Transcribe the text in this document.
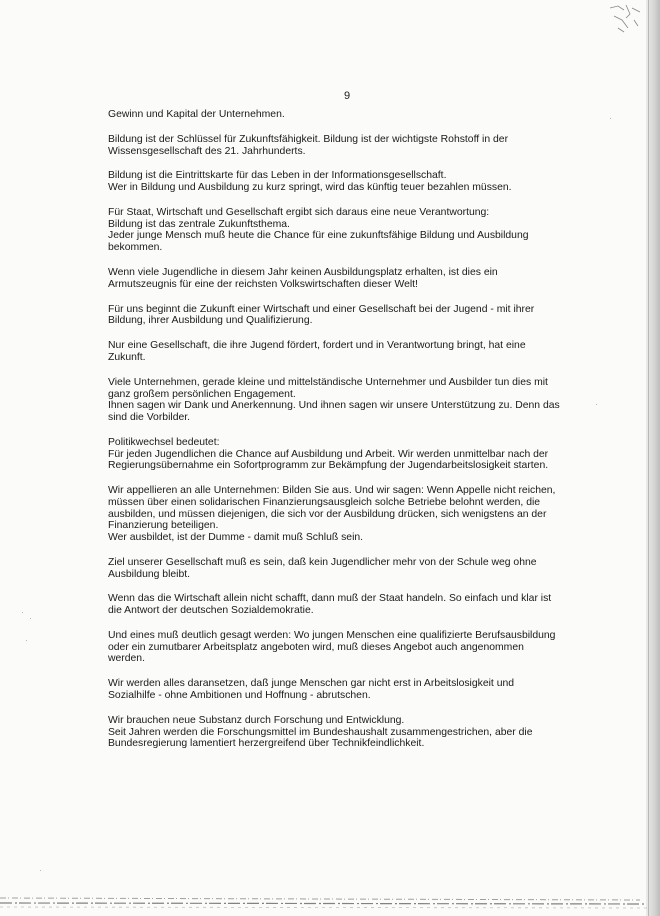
9

Gewinn und Kapital der Unternehmen.

Bildung ist der Schlüssel für Zukunftsfähigkeit. Bildung ist der wichtigste Rohstoff in der
Wissensgesellschaft des 21. Jahrhunderts.

Bildung ist die Eintrittskarte für das Leben in der Informationsgesellschaft.
Wer in Bildung und Ausbildung zu kurz springt, wird das künftig teuer bezahlen müssen.

Für Staat, Wirtschaft und Gesellschaft ergibt sich daraus eine neue Verantwortung:
Bildung ist das zentrale Zukunftsthema.
Jeder junge Mensch muß heute die Chance für eine zukunftsfähige Bildung und Ausbildung
bekommen.

Wenn viele Jugendliche in diesem Jahr keinen Ausbildungsplatz erhalten, ist dies ein
Armutszeugnis für eine der reichsten Volkswirtschaften dieser Welt!

Für uns beginnt die Zukunft einer Wirtschaft und einer Gesellschaft bei der Jugend - mit ihrer
Bildung, ihrer Ausbildung und Qualifizierung.

Nur eine Gesellschaft, die ihre Jugend fördert, fordert und in Verantwortung bringt, hat eine
Zukunft.

Viele Unternehmen, gerade kleine und mittelständische Unternehmer und Ausbilder tun dies mit
ganz großem persönlichen Engagement.
Ihnen sagen wir Dank und Anerkennung. Und ihnen sagen wir unsere Unterstützung zu. Denn das
sind die Vorbilder.

Politikwechsel bedeutet:
Für jeden Jugendlichen die Chance auf Ausbildung und Arbeit. Wir werden unmittelbar nach der
Regierungsübernahme ein Sofortprogramm zur Bekämpfung der Jugendarbeitslosigkeit starten.

Wir appellieren an alle Unternehmen: Bilden Sie aus. Und wir sagen: Wenn Appelle nicht reichen,
müssen über einen solidarischen Finanzierungsausgleich solche Betriebe belohnt werden, die
ausbilden, und müssen diejenigen, die sich vor der Ausbildung drücken, sich wenigstens an der
Finanzierung beteiligen.
Wer ausbildet, ist der Dumme - damit muß Schluß sein.

Ziel unserer Gesellschaft muß es sein, daß kein Jugendlicher mehr von der Schule weg ohne
Ausbildung bleibt.

Wenn das die Wirtschaft allein nicht schafft, dann muß der Staat handeln. So einfach und klar ist
die Antwort der deutschen Sozialdemokratie.

Und eines muß deutlich gesagt werden: Wo jungen Menschen eine qualifizierte Berufsausbildung
oder ein zumutbarer Arbeitsplatz angeboten wird, muß dieses Angebot auch angenommen
werden.

Wir werden alles daransetzen, daß junge Menschen gar nicht erst in Arbeitslosigkeit und
Sozialhilfe - ohne Ambitionen und Hoffnung - abrutschen.

Wir brauchen neue Substanz durch Forschung und Entwicklung.
Seit Jahren werden die Forschungsmittel im Bundeshaushalt zusammengestrichen, aber die
Bundesregierung lamentiert herzergreifend über Technikfeindlichkeit.
